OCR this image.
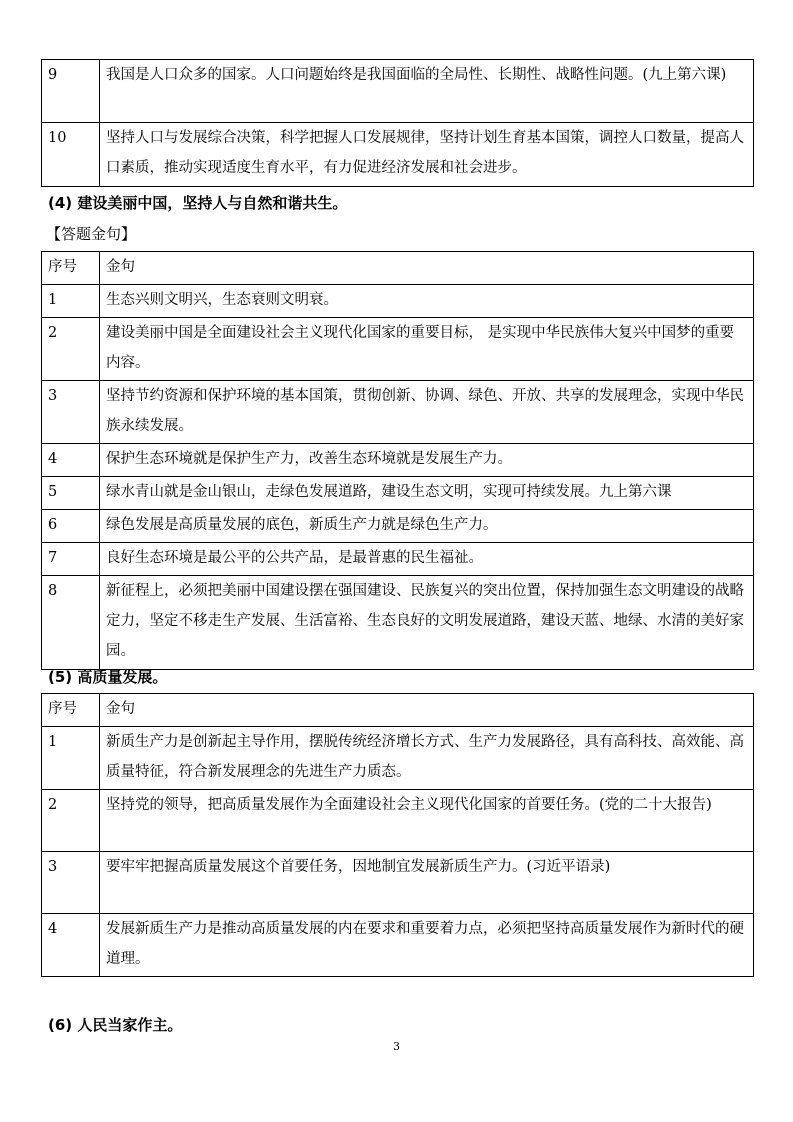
9	我国是人口众多的国家。人口问题始终是我国面临的全局性、长期性、战略性问题。(九上第六课)
10	坚持人口与发展综合决策，科学把握人口发展规律，坚持计划生育基本国策，调控人口数量，提高人口素质，推动实现适度生育水平，有力促进经济发展和社会进步。
(4) 建设美丽中国，坚持人与自然和谐共生。
【答题金句】
序号	金句
1	生态兴则文明兴，生态衰则文明衰。
2	建设美丽中国是全面建设社会主义现代化国家的重要目标， 是实现中华民族伟大复兴中国梦的重要内容。
3	坚持节约资源和保护环境的基本国策，贯彻创新、协调、绿色、开放、共享的发展理念，实现中华民族永续发展。
4	保护生态环境就是保护生产力，改善生态环境就是发展生产力。
5	绿水青山就是金山银山，走绿色发展道路，建设生态文明，实现可持续发展。九上第六课
6	绿色发展是高质量发展的底色，新质生产力就是绿色生产力。
7	良好生态环境是最公平的公共产品，是最普惠的民生福祉。
8	新征程上，必须把美丽中国建设摆在强国建设、民族复兴的突出位置，保持加强生态文明建设的战略定力，坚定不移走生产发展、生活富裕、生态良好的文明发展道路，建设天蓝、地绿、水清的美好家园。
(5) 高质量发展。
序号	金句
1	新质生产力是创新起主导作用，摆脱传统经济增长方式、生产力发展路径，具有高科技、高效能、高质量特征，符合新发展理念的先进生产力质态。
2	坚持党的领导，把高质量发展作为全面建设社会主义现代化国家的首要任务。(党的二十大报告)
3	要牢牢把握高质量发展这个首要任务，因地制宜发展新质生产力。(习近平语录)
4	发展新质生产力是推动高质量发展的内在要求和重要着力点，必须把坚持高质量发展作为新时代的硬道理。
(6) 人民当家作主。
3
